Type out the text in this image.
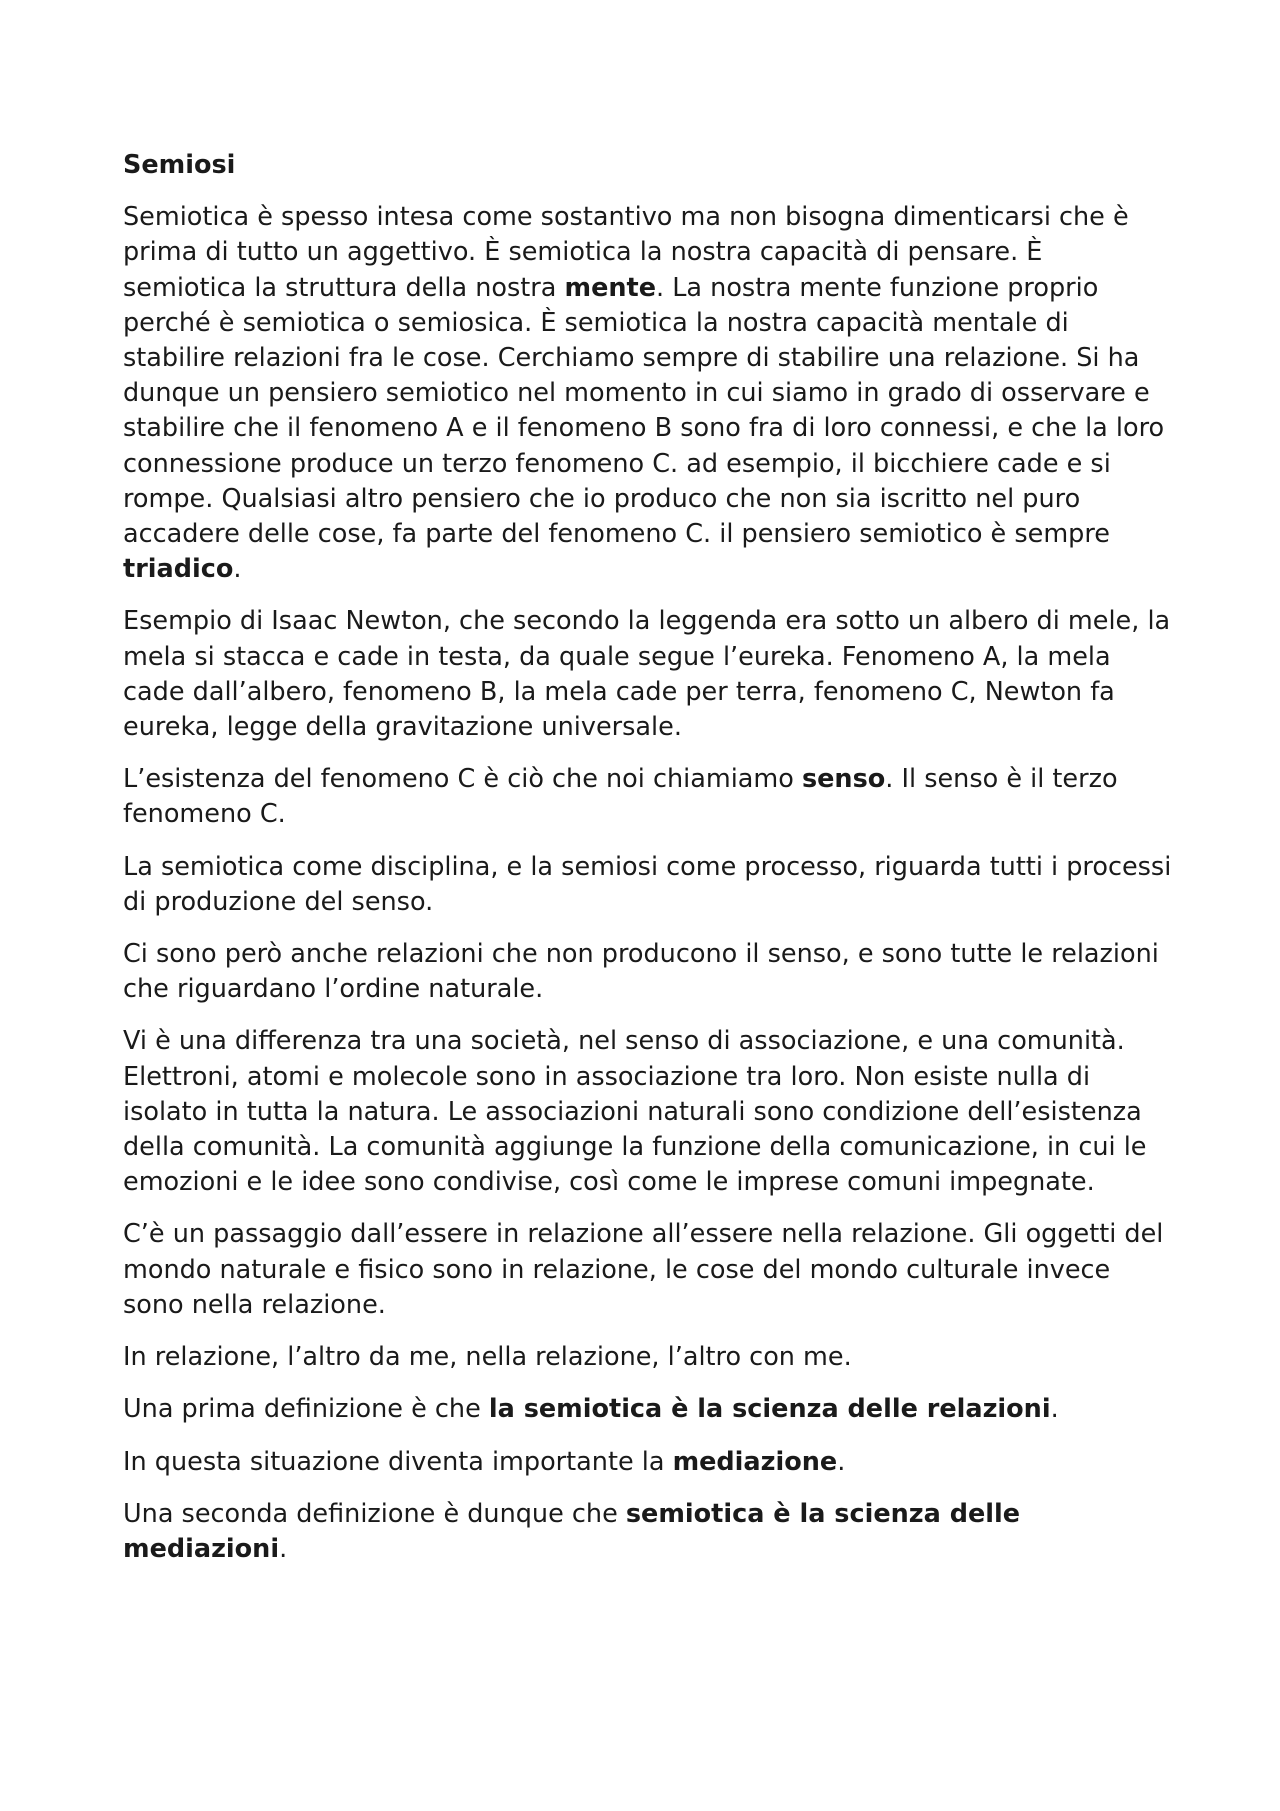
Semiosi
Semiotica è spesso intesa come sostantivo ma non bisogna dimenticarsi che è prima di tutto un aggettivo. È semiotica la nostra capacità di pensare. È semiotica la struttura della nostra mente. La nostra mente funzione proprio perché è semiotica o semiosica. È semiotica la nostra capacità mentale di stabilire relazioni fra le cose. Cerchiamo sempre di stabilire una relazione. Si ha dunque un pensiero semiotico nel momento in cui siamo in grado di osservare e stabilire che il fenomeno A e il fenomeno B sono fra di loro connessi, e che la loro connessione produce un terzo fenomeno C. ad esempio, il bicchiere cade e si rompe. Qualsiasi altro pensiero che io produco che non sia iscritto nel puro accadere delle cose, fa parte del fenomeno C. il pensiero semiotico è sempre triadico.
Esempio di Isaac Newton, che secondo la leggenda era sotto un albero di mele, la mela si stacca e cade in testa, da quale segue l’eureka. Fenomeno A, la mela cade dall’albero, fenomeno B, la mela cade per terra, fenomeno C, Newton fa eureka, legge della gravitazione universale.
L’esistenza del fenomeno C è ciò che noi chiamiamo senso. Il senso è il terzo fenomeno C.
La semiotica come disciplina, e la semiosi come processo, riguarda tutti i processi di produzione del senso.
Ci sono però anche relazioni che non producono il senso, e sono tutte le relazioni che riguardano l’ordine naturale.
Vi è una differenza tra una società, nel senso di associazione, e una comunità. Elettroni, atomi e molecole sono in associazione tra loro. Non esiste nulla di isolato in tutta la natura. Le associazioni naturali sono condizione dell’esistenza della comunità. La comunità aggiunge la funzione della comunicazione, in cui le emozioni e le idee sono condivise, così come le imprese comuni impegnate.
C’è un passaggio dall’essere in relazione all’essere nella relazione. Gli oggetti del mondo naturale e fisico sono in relazione, le cose del mondo culturale invece sono nella relazione.
In relazione, l’altro da me, nella relazione, l’altro con me.
Una prima definizione è che la semiotica è la scienza delle relazioni.
In questa situazione diventa importante la mediazione.
Una seconda definizione è dunque che semiotica è la scienza delle mediazioni.
